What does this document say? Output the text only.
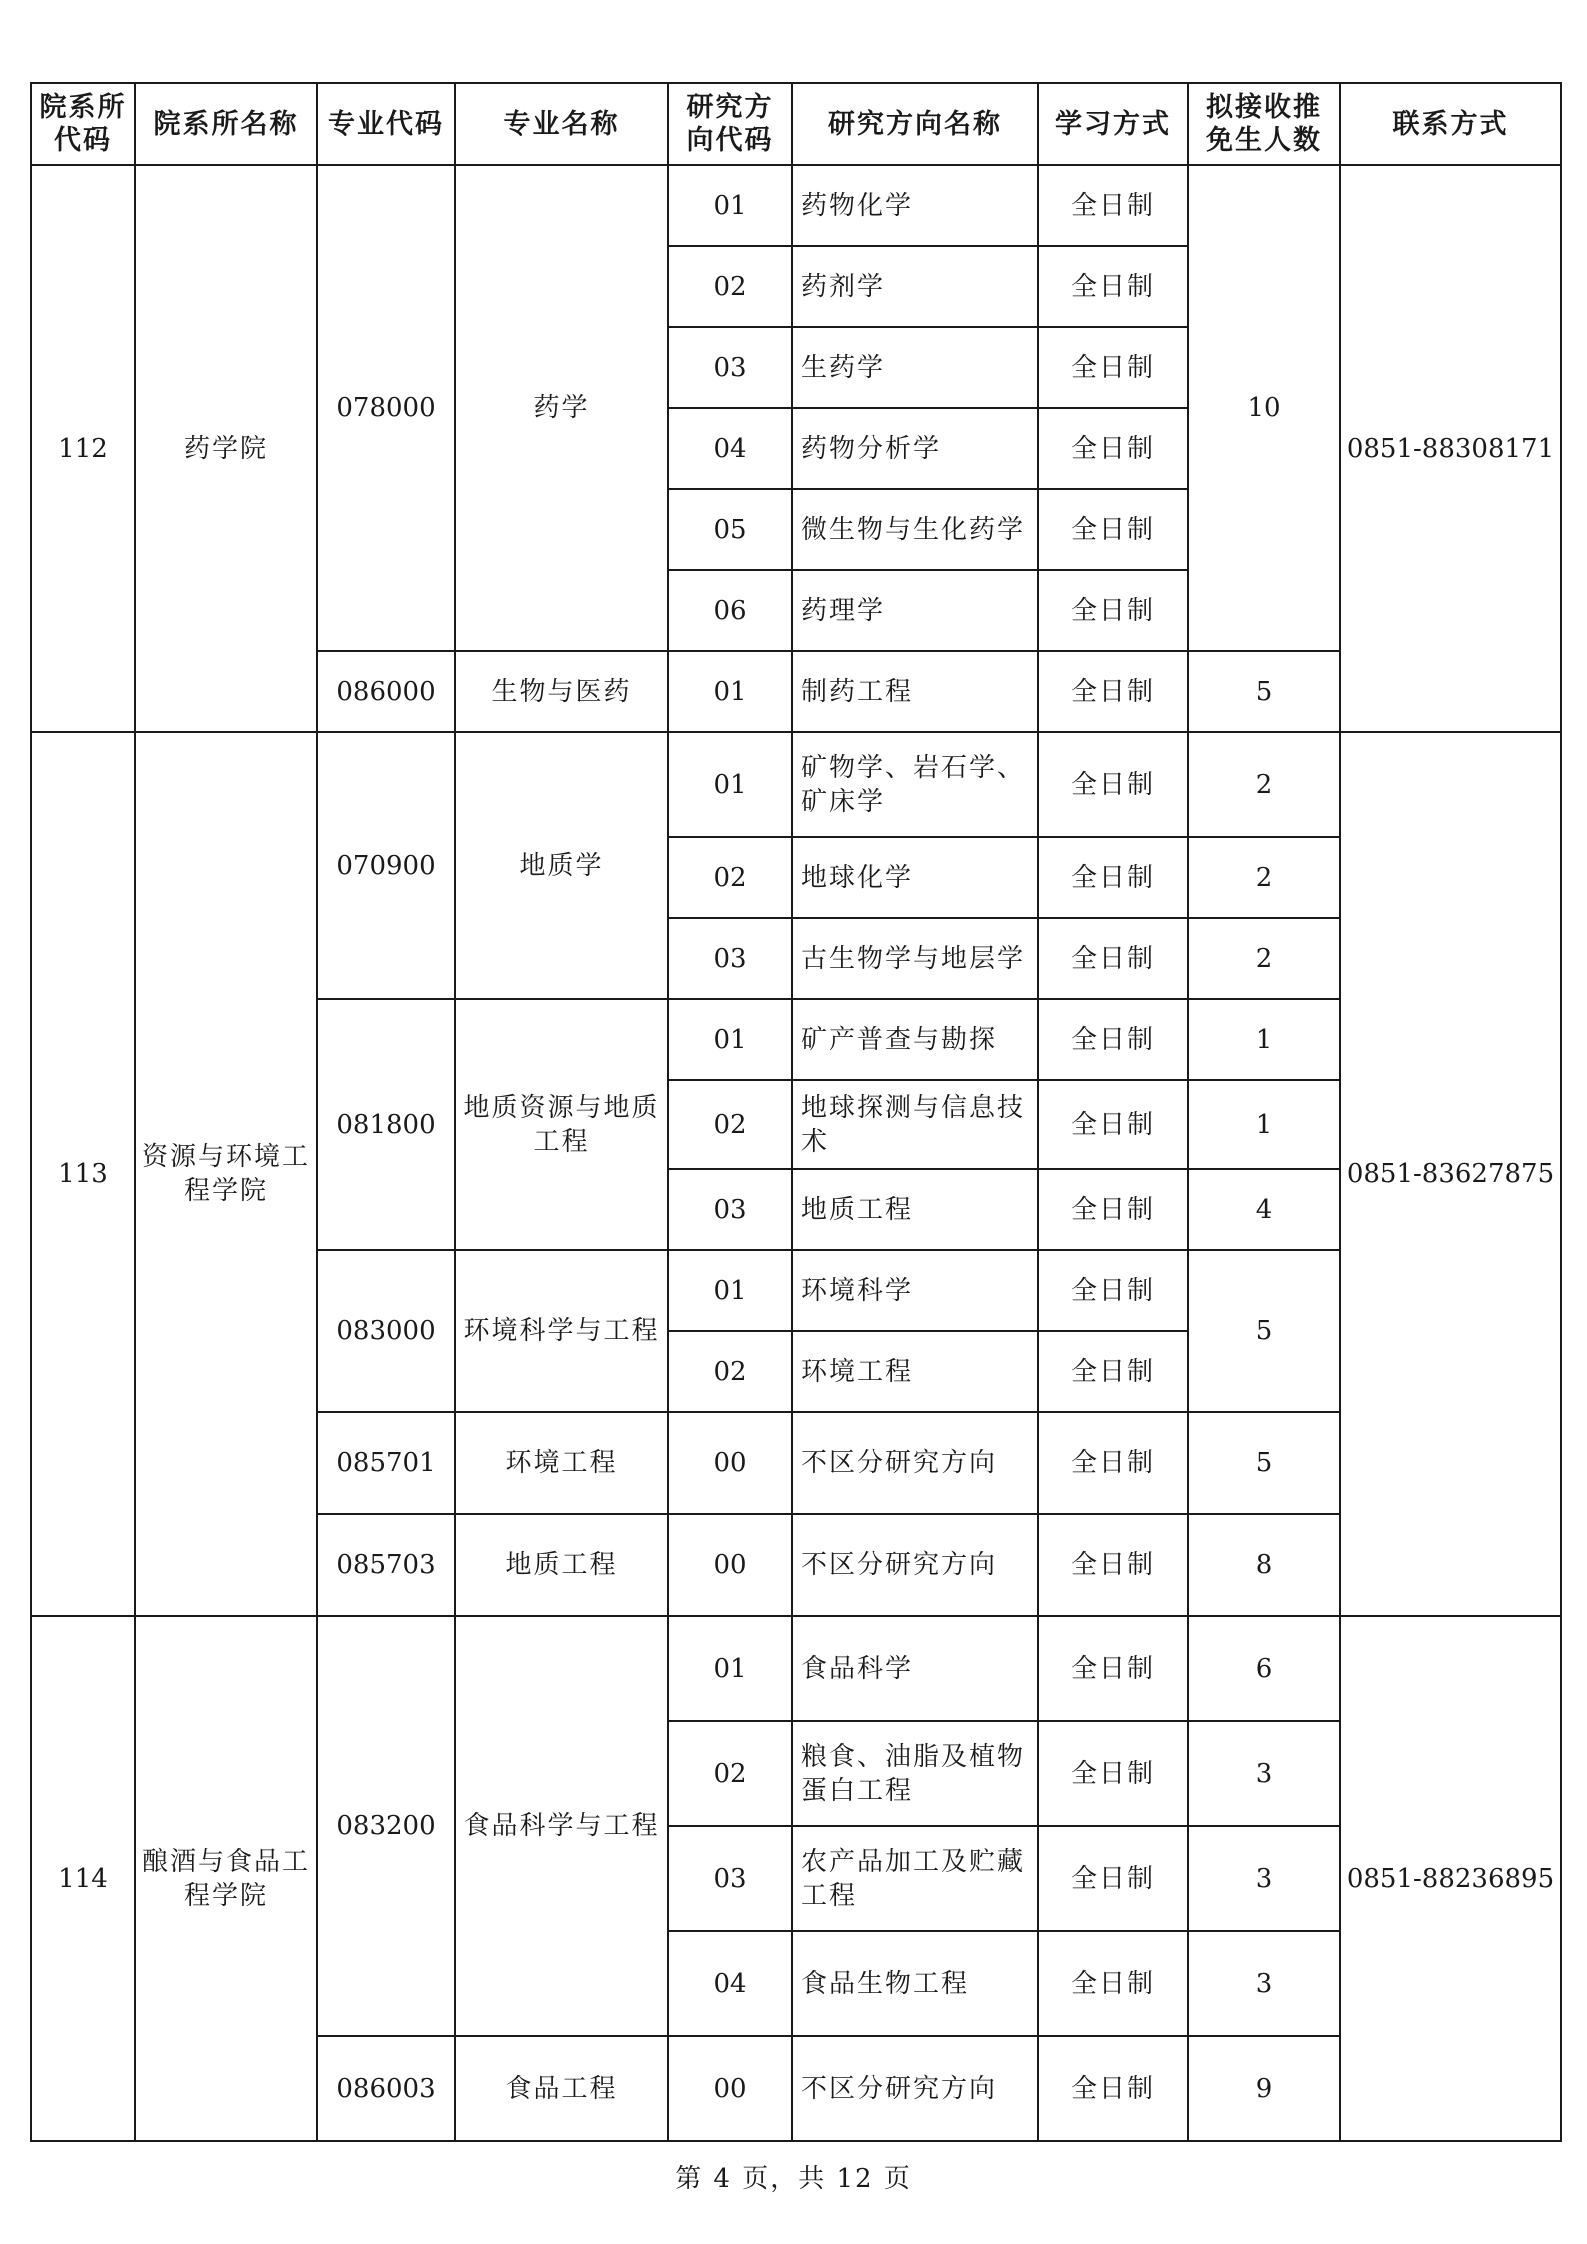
院系所代码	院系所名称	专业代码	专业名称	研究方向代码	研究方向名称	学习方式	拟接收推免生人数	联系方式
112	药学院	078000	药学	01	药物化学	全日制	10	0851-88308171
				02	药剂学	全日制		
				03	生药学	全日制		
				04	药物分析学	全日制		
				05	微生物与生化药学	全日制		
				06	药理学	全日制		
		086000	生物与医药	01	制药工程	全日制	5	
113	资源与环境工程学院	070900	地质学	01	矿物学、岩石学、矿床学	全日制	2	0851-83627875
				02	地球化学	全日制	2	
				03	古生物学与地层学	全日制	2	
		081800	地质资源与地质工程	01	矿产普查与勘探	全日制	1	
				02	地球探测与信息技术	全日制	1	
				03	地质工程	全日制	4	
		083000	环境科学与工程	01	环境科学	全日制	5	
				02	环境工程	全日制		
		085701	环境工程	00	不区分研究方向	全日制	5	
		085703	地质工程	00	不区分研究方向	全日制	8	
114	酿酒与食品工程学院	083200	食品科学与工程	01	食品科学	全日制	6	0851-88236895
				02	粮食、油脂及植物蛋白工程	全日制	3	
				03	农产品加工及贮藏工程	全日制	3	
				04	食品生物工程	全日制	3	
		086003	食品工程	00	不区分研究方向	全日制	9	
第 4 页，共 12 页
